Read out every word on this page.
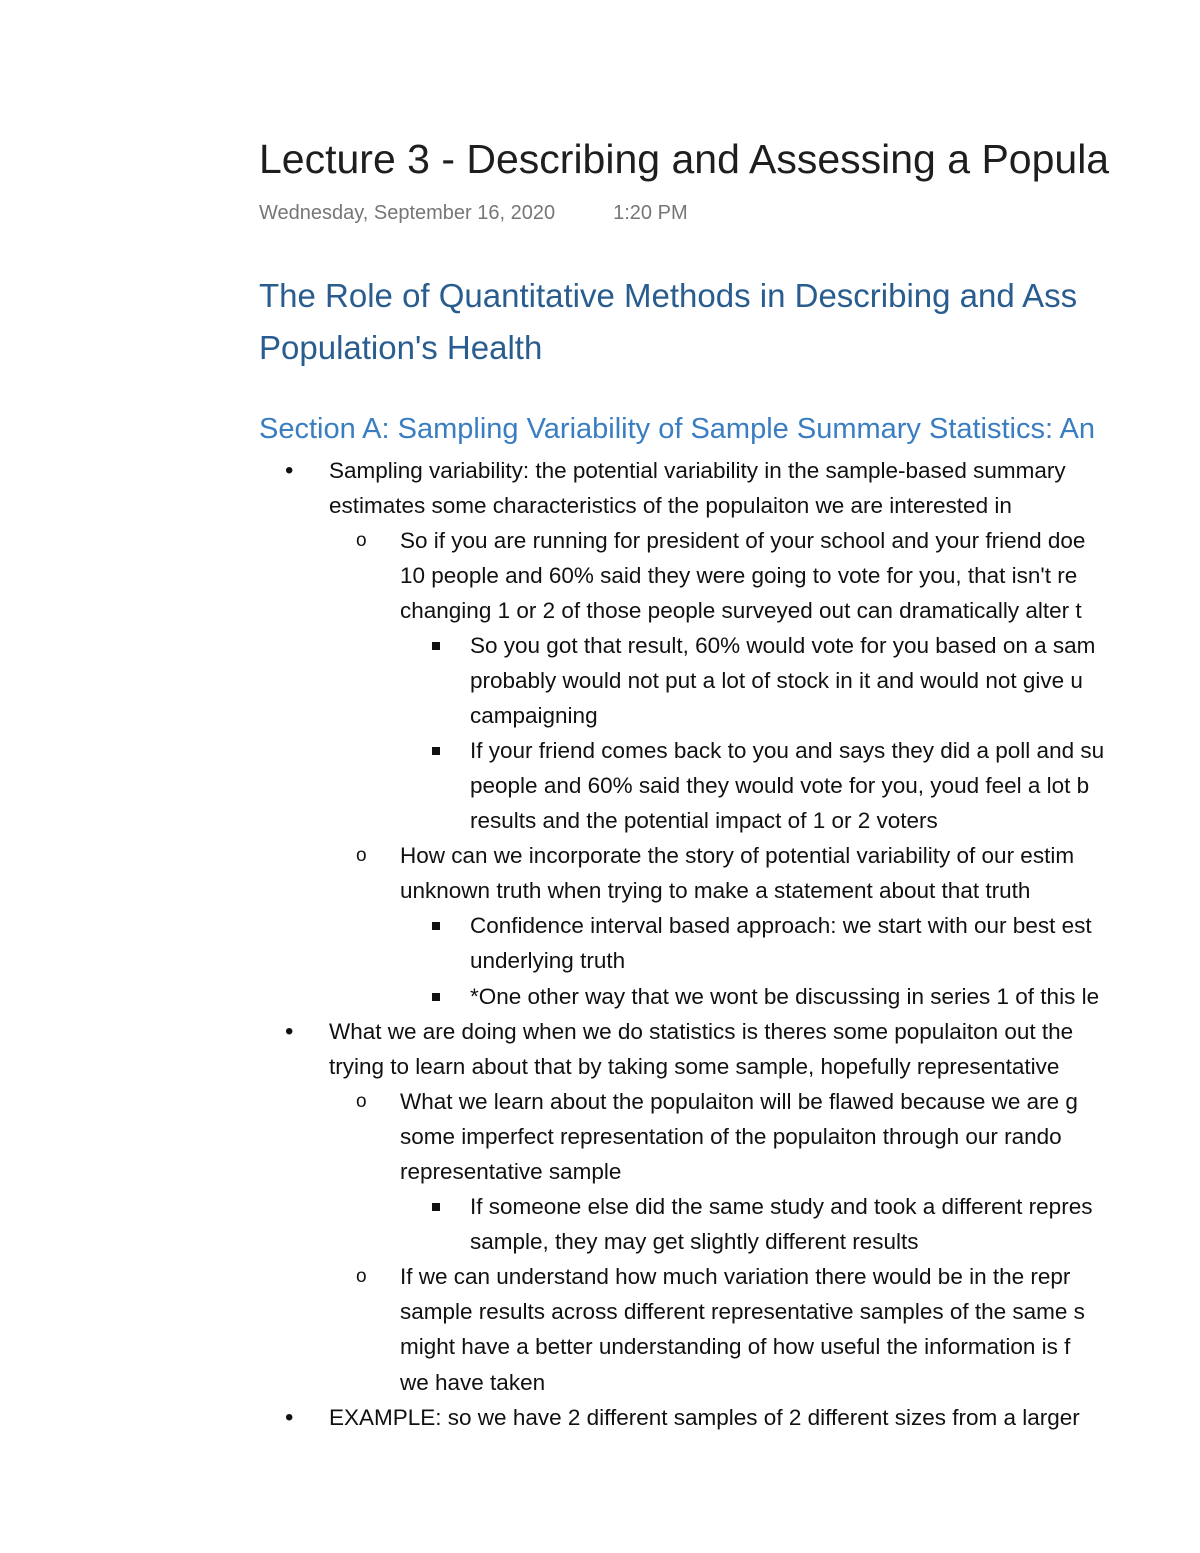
Lecture 3 - Describing and Assessing a Popula
Wednesday, September 16, 2020	1:20 PM
The Role of Quantitative Methods in Describing and Ass
Population's Health
Section A: Sampling Variability of Sample Summary Statistics: An
•
Sampling variability: the potential variability in the sample-based summary
estimates some characteristics of the populaiton we are interested in
o
So if you are running for president of your school and your friend doe
10 people and 60% said they were going to vote for you, that isn't re
changing 1 or 2 of those people surveyed out can dramatically alter t
So you got that result, 60% would vote for you based on a sam
probably would not put a lot of stock in it and would not give u
campaigning
If your friend comes back to you and says they did a poll and su
people and 60% said they would vote for you, youd feel a lot b
results and the potential impact of 1 or 2 voters
o
How can we incorporate the story of potential variability of our estim
unknown truth when trying to make a statement about that truth
Confidence interval based approach: we start with our best est
underlying truth
*One other way that we wont be discussing in series 1 of this le
•
What we are doing when we do statistics is theres some populaiton out the
trying to learn about that by taking some sample, hopefully representative
o
What we learn about the populaiton will be flawed because we are g
some imperfect representation of the populaiton through our rando
representative sample
If someone else did the same study and took a different repres
sample, they may get slightly different results
o
If we can understand how much variation there would be in the repr
sample results across different representative samples of the same s
might have a better understanding of how useful the information is f
we have taken
•
EXAMPLE: so we have 2 different samples of 2 different sizes from a larger
